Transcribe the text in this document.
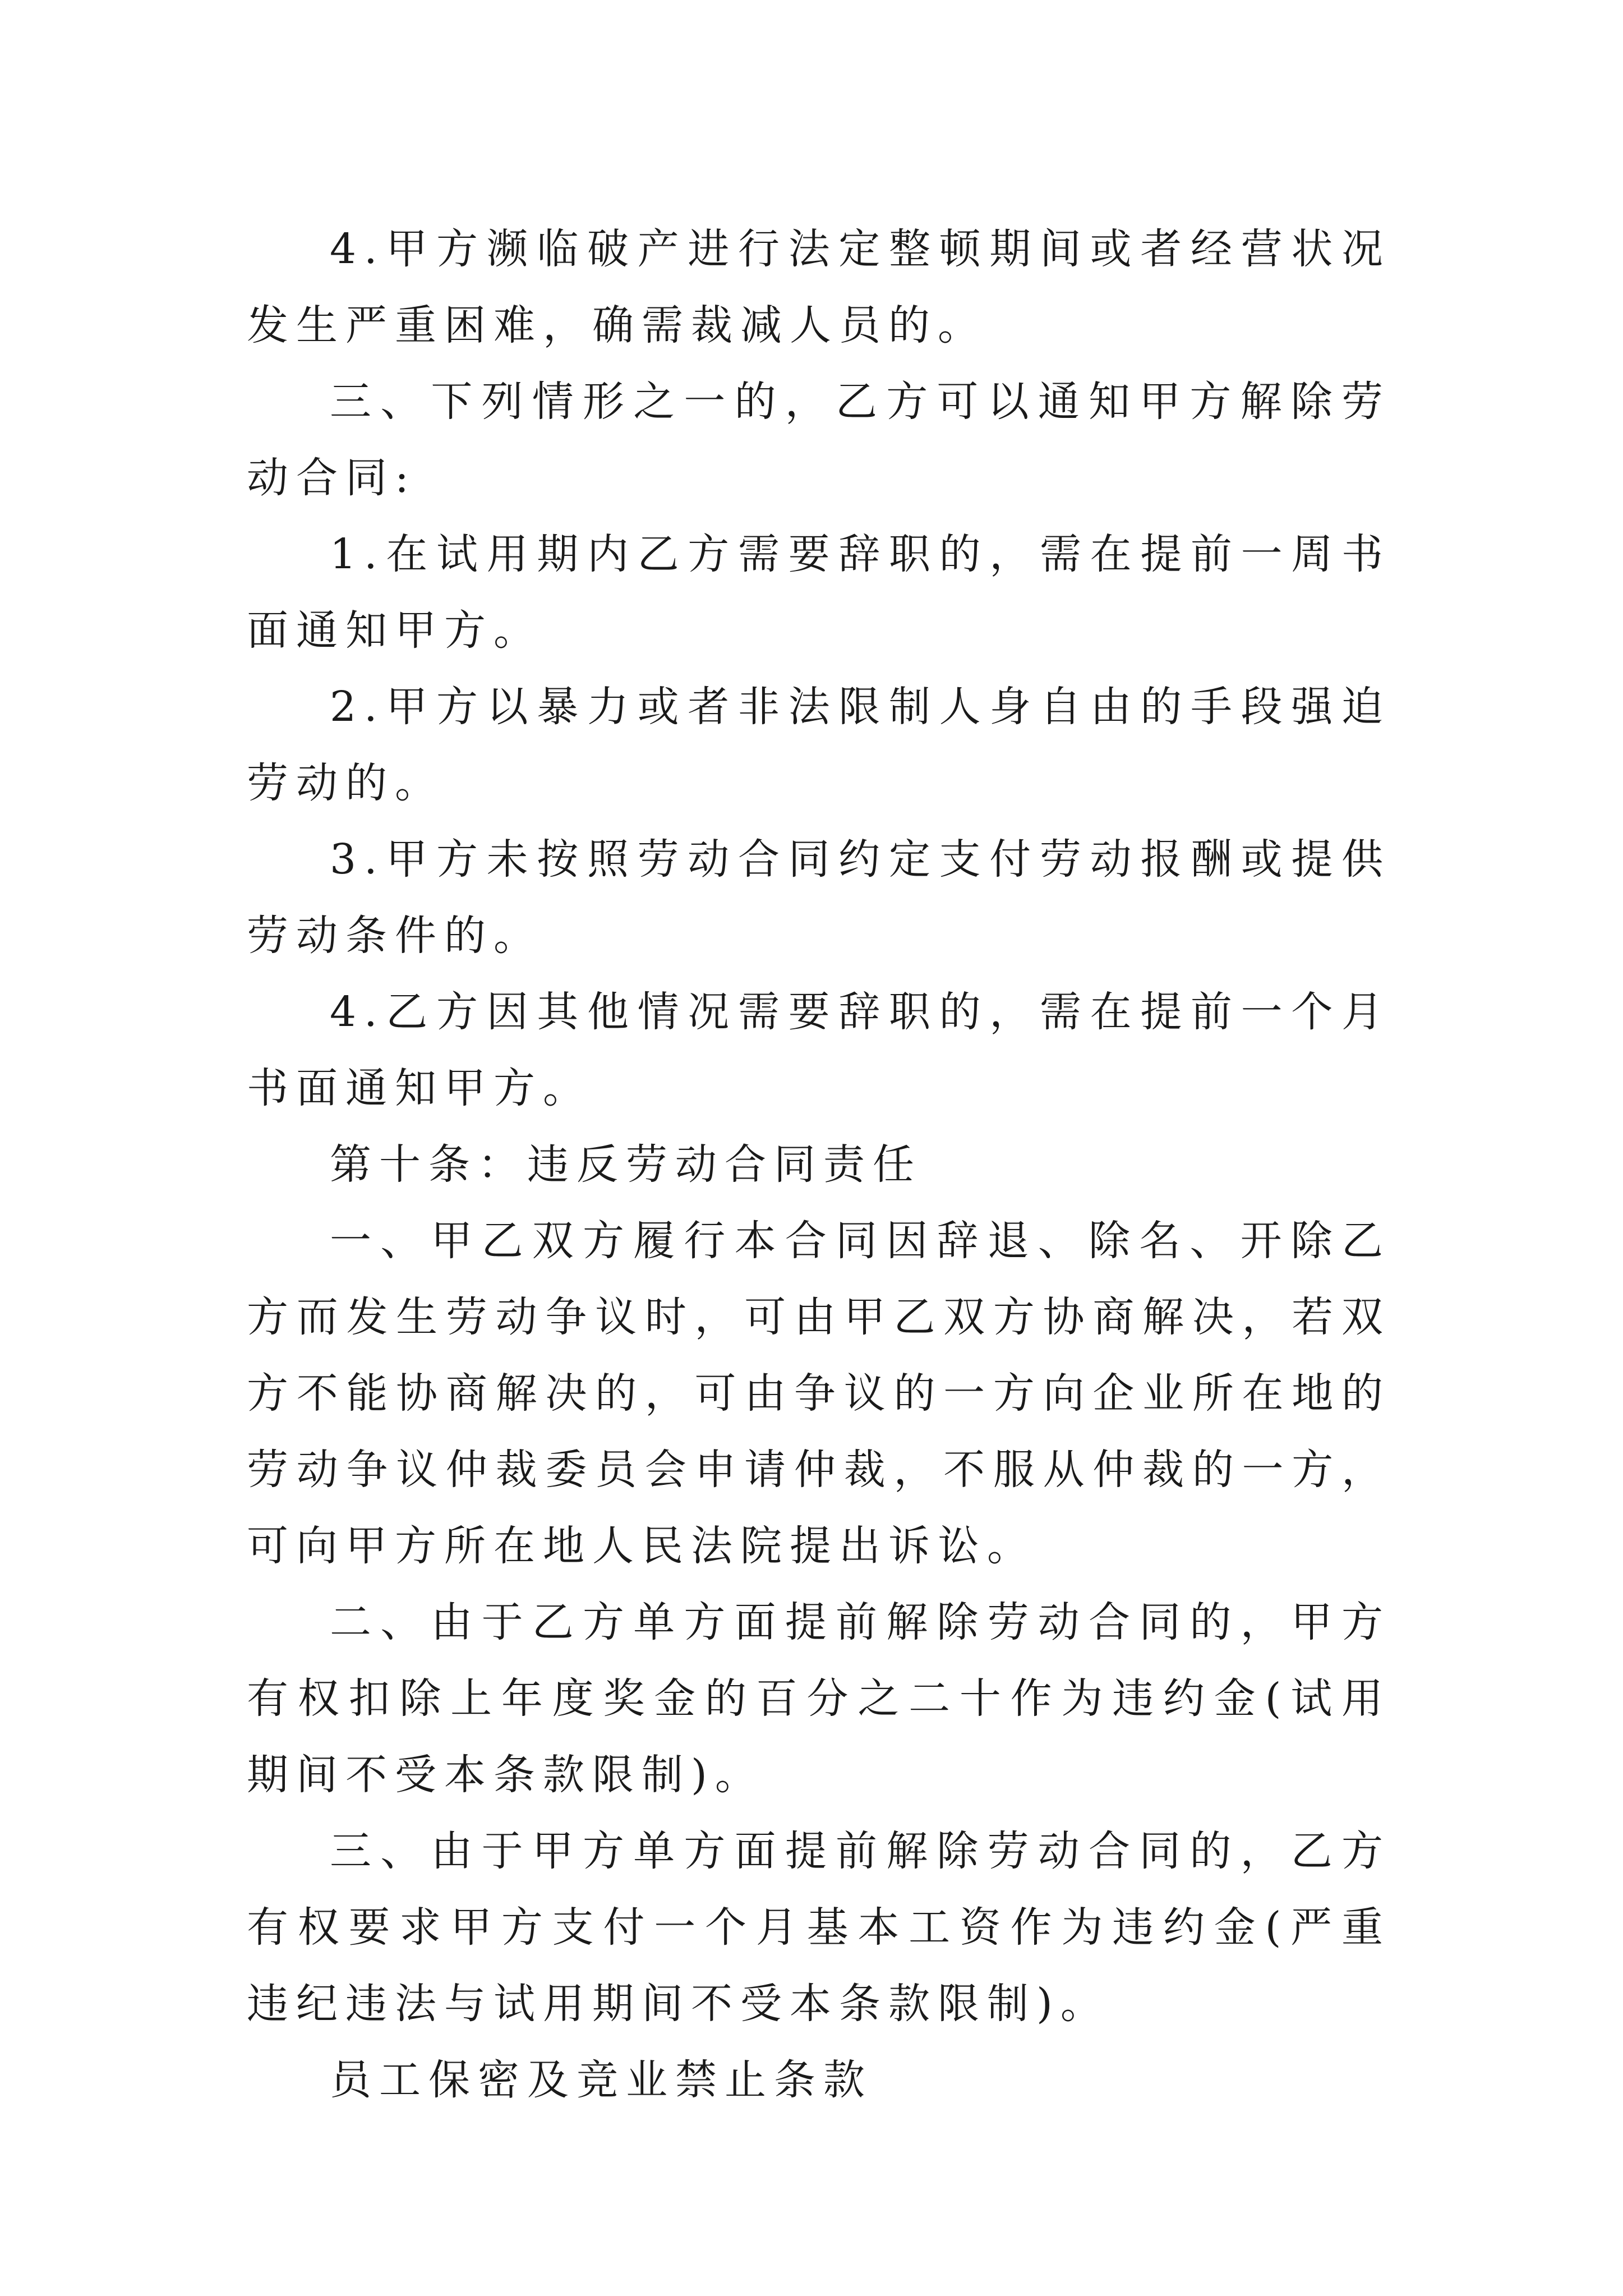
4.甲方濒临破产进行法定整顿期间或者经营状况发生严重困难，确需裁减人员的。

三、下列情形之一的，乙方可以通知甲方解除劳动合同:

1.在试用期内乙方需要辞职的，需在提前一周书面通知甲方。

2.甲方以暴力或者非法限制人身自由的手段强迫劳动的。

3.甲方未按照劳动合同约定支付劳动报酬或提供劳动条件的。

4.乙方因其他情况需要辞职的，需在提前一个月书面通知甲方。

第十条：违反劳动合同责任

一、甲乙双方履行本合同因辞退、除名、开除乙方而发生劳动争议时，可由甲乙双方协商解决，若双方不能协商解决的，可由争议的一方向企业所在地的劳动争议仲裁委员会申请仲裁，不服从仲裁的一方，可向甲方所在地人民法院提出诉讼。

二、由于乙方单方面提前解除劳动合同的，甲方有权扣除上年度奖金的百分之二十作为违约金(试用期间不受本条款限制)。

三、由于甲方单方面提前解除劳动合同的，乙方有权要求甲方支付一个月基本工资作为违约金(严重违纪违法与试用期间不受本条款限制)。

员工保密及竞业禁止条款
